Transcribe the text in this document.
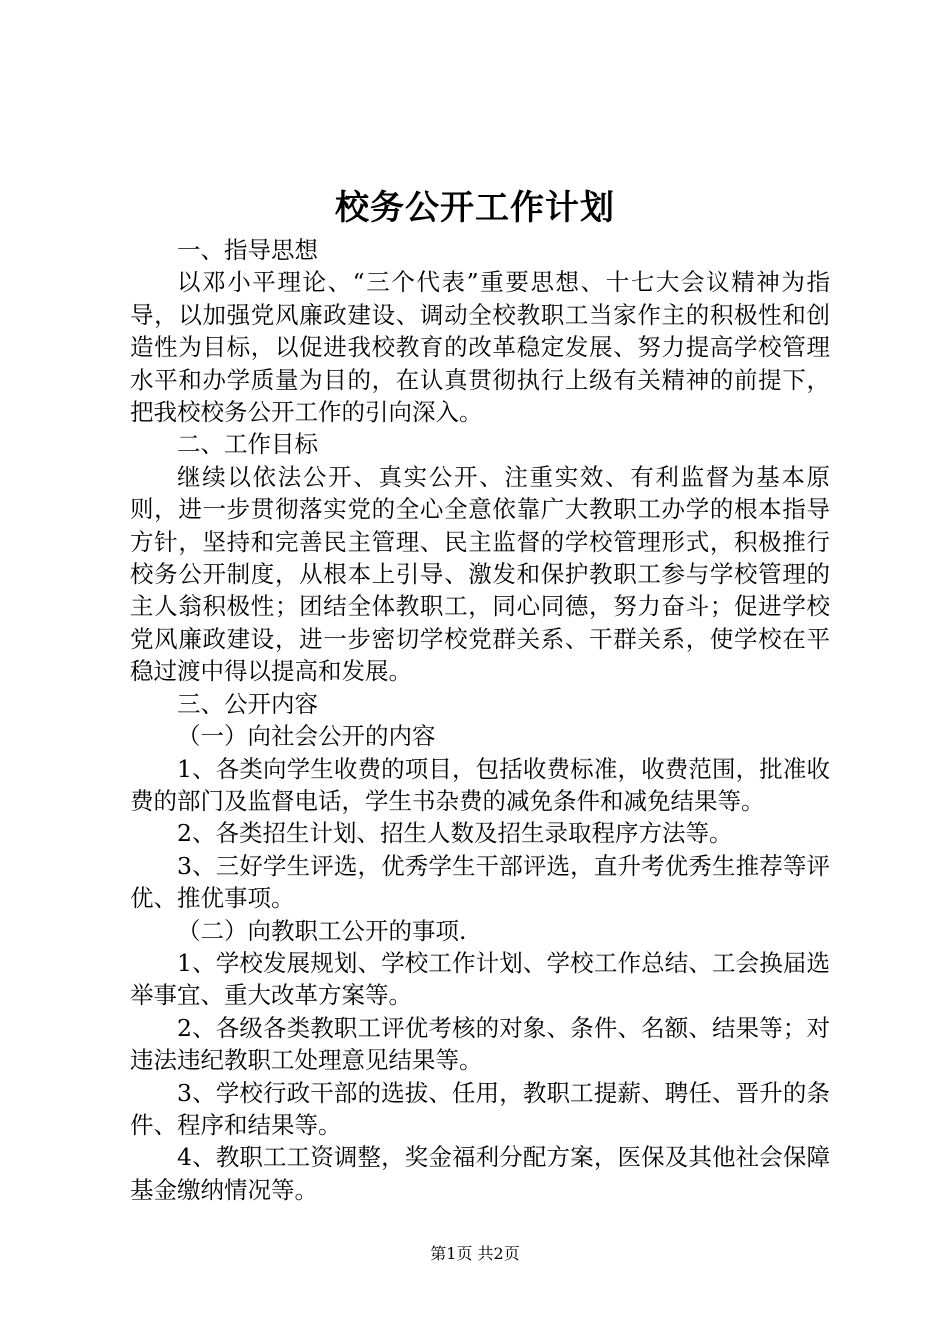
校务公开工作计划

一、指导思想

以邓小平理论、“三个代表”重要思想、十七大会议精神为指导，以加强党风廉政建设、调动全校教职工当家作主的积极性和创造性为目标，以促进我校教育的改革稳定发展、努力提高学校管理水平和办学质量为目的，在认真贯彻执行上级有关精神的前提下，把我校校务公开工作的引向深入。

二、工作目标

继续以依法公开、真实公开、注重实效、有利监督为基本原则，进一步贯彻落实党的全心全意依靠广大教职工办学的根本指导方针，坚持和完善民主管理、民主监督的学校管理形式，积极推行校务公开制度，从根本上引导、激发和保护教职工参与学校管理的主人翁积极性；团结全体教职工，同心同德，努力奋斗；促进学校党风廉政建设，进一步密切学校党群关系、干群关系，使学校在平稳过渡中得以提高和发展。

三、公开内容

（一）向社会公开的内容

1、各类向学生收费的项目，包括收费标准，收费范围，批准收费的部门及监督电话，学生书杂费的减免条件和减免结果等。

2、各类招生计划、招生人数及招生录取程序方法等。

3、三好学生评选，优秀学生干部评选，直升考优秀生推荐等评优、推优事项。

（二）向教职工公开的事项.

1、学校发展规划、学校工作计划、学校工作总结、工会换届选举事宜、重大改革方案等。

2、各级各类教职工评优考核的对象、条件、名额、结果等；对违法违纪教职工处理意见结果等。

3、学校行政干部的选拔、任用，教职工提薪、聘任、晋升的条件、程序和结果等。

4、教职工工资调整，奖金福利分配方案，医保及其他社会保障基金缴纳情况等。

第1页 共2页
